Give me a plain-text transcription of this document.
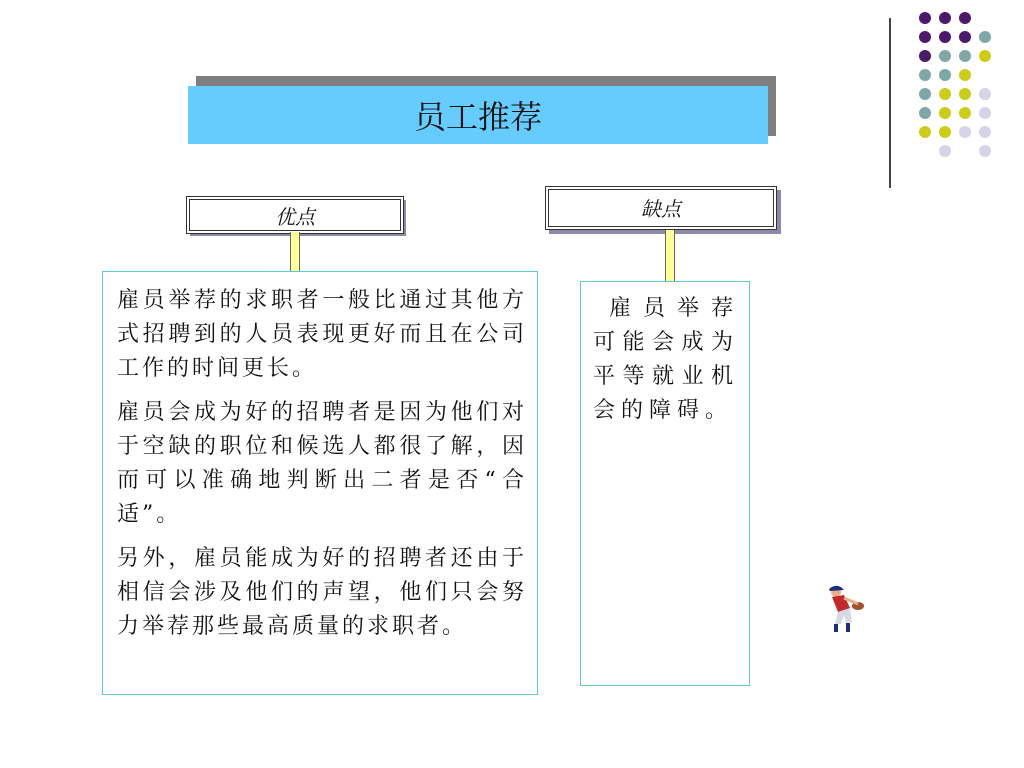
员工推荐
优点	缺点

雇员举荐的求职者一般比通过其他方式招聘到的人员表现更好而且在公司工作的时间更长。

雇员会成为好的招聘者是因为他们对于空缺的职位和候选人都很了解，因而可以准确地判断出二者是否“合适”。

另外，雇员能成为好的招聘者还由于相信会涉及他们的声望，他们只会努力举荐那些最高质量的求职者。

雇员举荐可能会成为平等就业机会的障碍。
